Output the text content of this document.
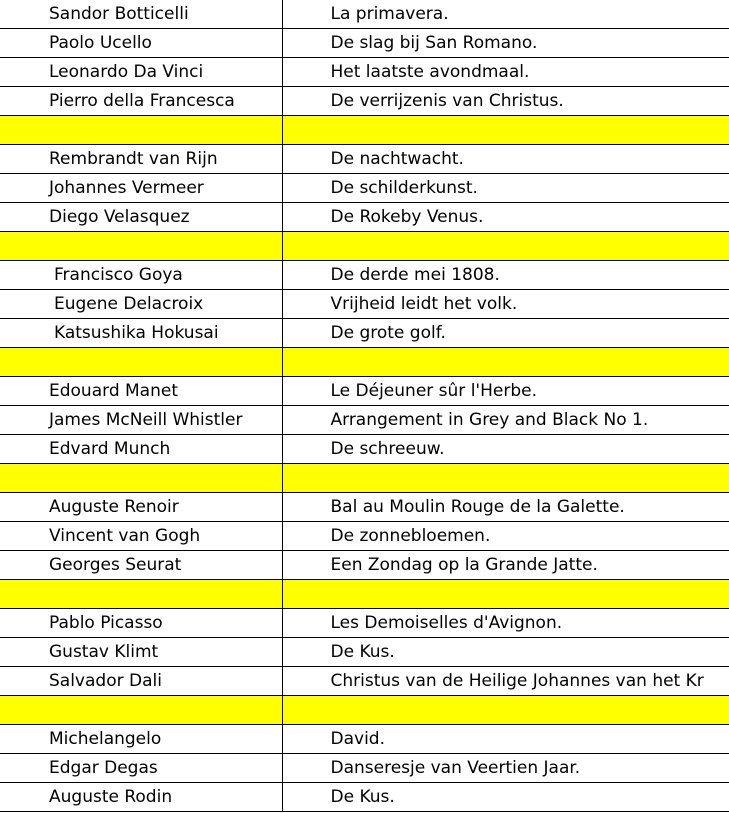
Sandor Botticelli	La primavera.
Paolo Ucello	De slag bij San Romano.
Leonardo Da Vinci	Het laatste avondmaal.
Pierro della Francesca	De verrijzenis van Christus.

Rembrandt van Rijn	De nachtwacht.
Johannes Vermeer	De schilderkunst.
Diego Velasquez	De Rokeby Venus.

Francisco Goya	De derde mei 1808.
Eugene Delacroix	Vrijheid leidt het volk.
Katsushika Hokusai	De grote golf.

Edouard Manet	Le Déjeuner sûr l'Herbe.
James McNeill Whistler	Arrangement in Grey and Black No 1.
Edvard Munch	De schreeuw.

Auguste Renoir	Bal au Moulin Rouge de la Galette.
Vincent van Gogh	De zonnebloemen.
Georges Seurat	Een Zondag op la Grande Jatte.

Pablo Picasso	Les Demoiselles d'Avignon.
Gustav Klimt	De Kus.
Salvador Dali	Christus van de Heilige Johannes van het Kr

Michelangelo	David.
Edgar Degas	Danseresje van Veertien Jaar.
Auguste Rodin	De Kus.
